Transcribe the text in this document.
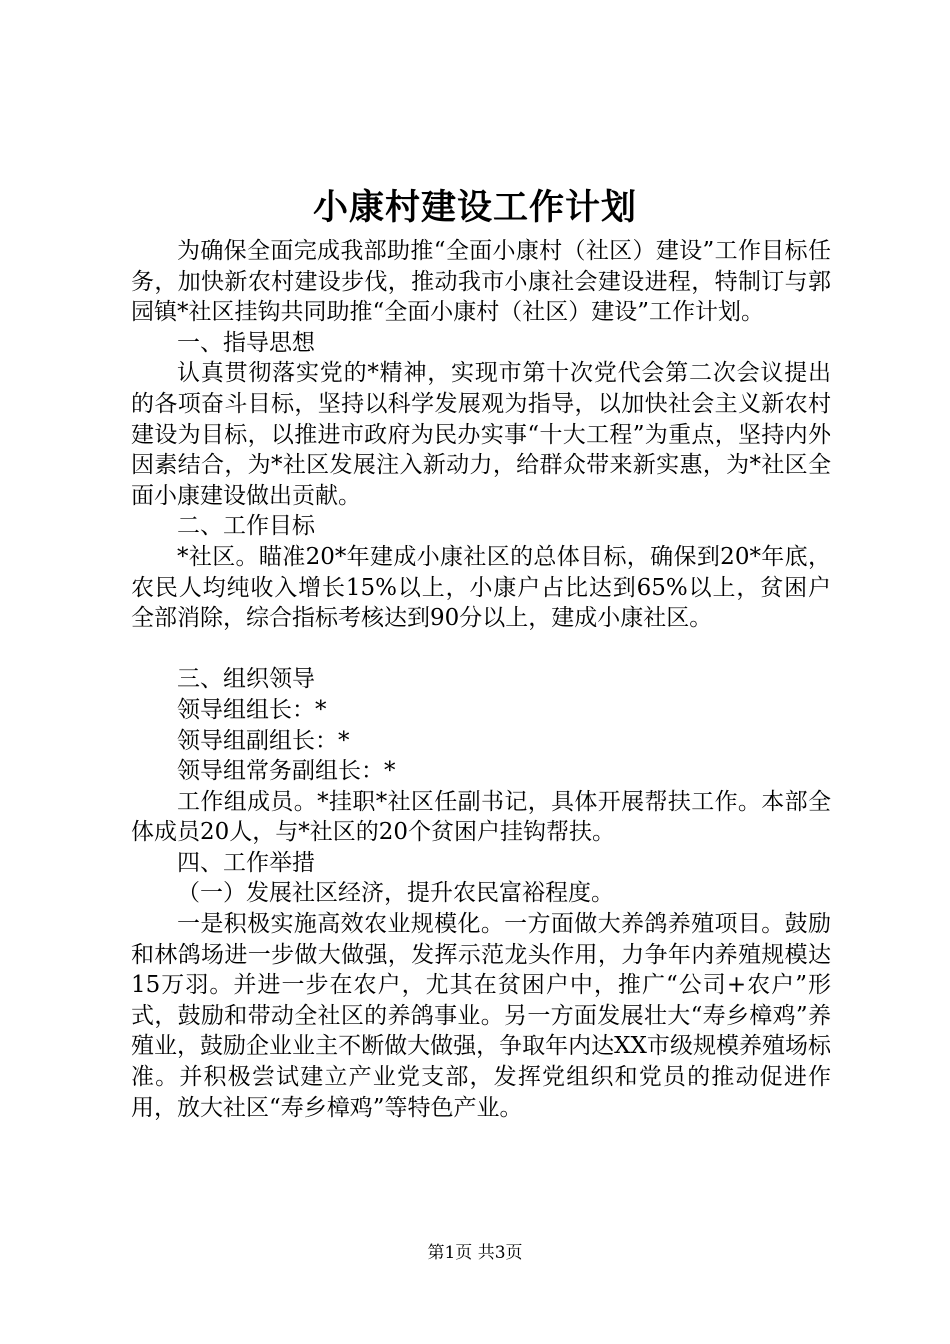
小康村建设工作计划

为确保全面完成我部助推“全面小康村（社区）建设”工作目标任务，加快新农村建设步伐，推动我市小康社会建设进程，特制订与郭园镇*社区挂钩共同助推“全面小康村（社区）建设”工作计划。

一、指导思想

认真贯彻落实党的*精神，实现市第十次党代会第二次会议提出的各项奋斗目标，坚持以科学发展观为指导，以加快社会主义新农村建设为目标，以推进市政府为民办实事“十大工程”为重点，坚持内外因素结合，为*社区发展注入新动力，给群众带来新实惠，为*社区全面小康建设做出贡献。

二、工作目标

*社区。瞄准20*年建成小康社区的总体目标，确保到20*年底，农民人均纯收入增长15%以上，小康户占比达到65%以上，贫困户全部消除，综合指标考核达到90分以上，建成小康社区。

三、组织领导

领导组组长：*

领导组副组长：*

领导组常务副组长：*

工作组成员。*挂职*社区任副书记，具体开展帮扶工作。本部全体成员20人，与*社区的20个贫困户挂钩帮扶。

四、工作举措

（一）发展社区经济，提升农民富裕程度。

一是积极实施高效农业规模化。一方面做大养鸽养殖项目。鼓励和林鸽场进一步做大做强，发挥示范龙头作用，力争年内养殖规模达15万羽。并进一步在农户，尤其在贫困户中，推广“公司+农户”形式，鼓励和带动全社区的养鸽事业。另一方面发展壮大“寿乡樟鸡”养殖业，鼓励企业业主不断做大做强，争取年内达XX市级规模养殖场标准。并积极尝试建立产业党支部，发挥党组织和党员的推动促进作用，放大社区“寿乡樟鸡”等特色产业。

第1页 共3页
